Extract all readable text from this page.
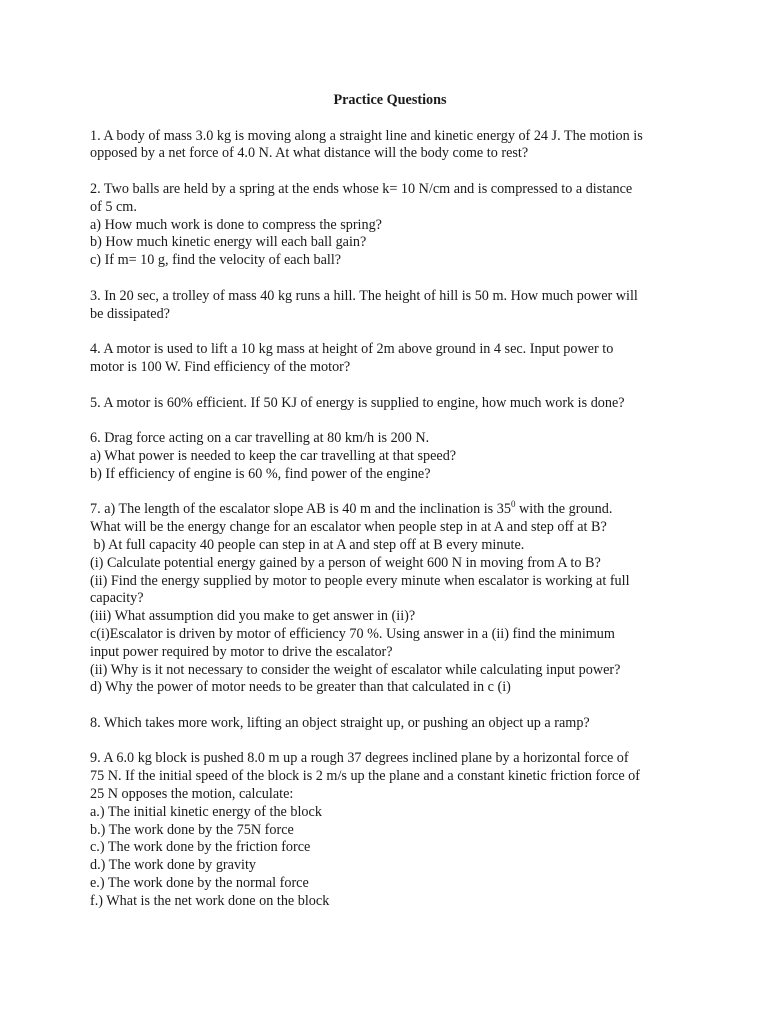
Practice Questions
1. A body of mass 3.0 kg is moving along a straight line and kinetic energy of 24 J. The motion is
opposed by a net force of 4.0 N. At what distance will the body come to rest?
2. Two balls are held by a spring at the ends whose k= 10 N/cm and is compressed to a distance
of 5 cm.
a) How much work is done to compress the spring?
b) How much kinetic energy will each ball gain?
c) If m= 10 g, find the velocity of each ball?
3. In 20 sec, a trolley of mass 40 kg runs a hill. The height of hill is 50 m. How much power will
be dissipated?
4. A motor is used to lift a 10 kg mass at height of 2m above ground in 4 sec. Input power to
motor is 100 W. Find efficiency of the motor?
5. A motor is 60% efficient. If 50 KJ of energy is supplied to engine, how much work is done?
6. Drag force acting on a car travelling at 80 km/h is 200 N.
a) What power is needed to keep the car travelling at that speed?
b) If efficiency of engine is 60 %, find power of the engine?
7. a) The length of the escalator slope AB is 40 m and the inclination is $35^0$ with the ground.
What will be the energy change for an escalator when people step in at A and step off at B?
b) At full capacity 40 people can step in at A and step off at B every minute.
(i) Calculate potential energy gained by a person of weight 600 N in moving from A to B?
(ii) Find the energy supplied by motor to people every minute when escalator is working at full
capacity?
(iii) What assumption did you make to get answer in (ii)?
c(i)Escalator is driven by motor of efficiency 70 %. Using answer in a (ii) find the minimum
input power required by motor to drive the escalator?
(ii) Why is it not necessary to consider the weight of escalator while calculating input power?
d) Why the power of motor needs to be greater than that calculated in c (i)
8. Which takes more work, lifting an object straight up, or pushing an object up a ramp?
9. A 6.0 kg block is pushed 8.0 m up a rough 37 degrees inclined plane by a horizontal force of
75 N. If the initial speed of the block is 2 m/s up the plane and a constant kinetic friction force of
25 N opposes the motion, calculate:
a.) The initial kinetic energy of the block
b.) The work done by the 75N force
c.) The work done by the friction force
d.) The work done by gravity
e.) The work done by the normal force
f.) What is the net work done on the block
